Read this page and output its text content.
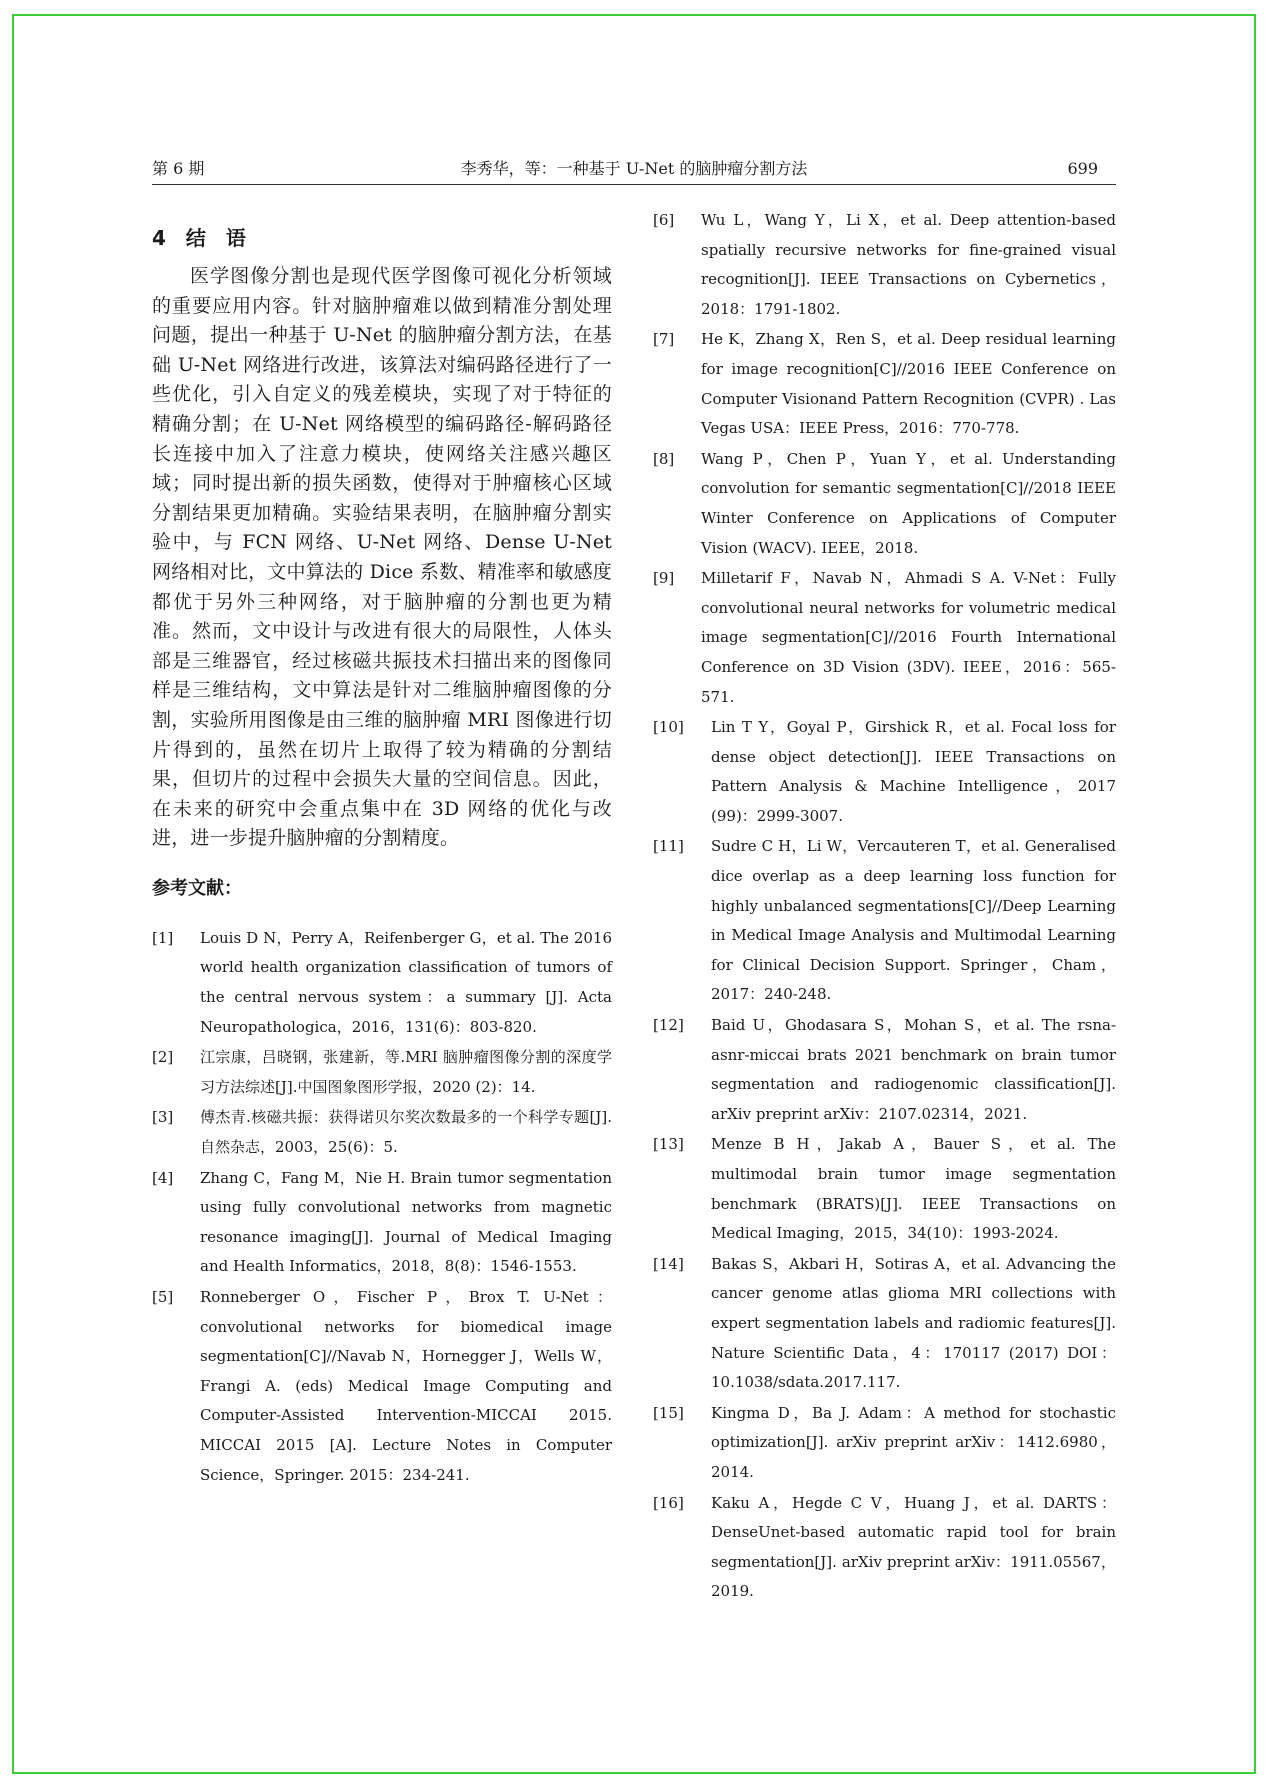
第 6 期	李秀华，等：一种基于 U-Net 的脑肿瘤分割方法	699
4　结　语

医学图像分割也是现代医学图像可视化分析领域的重要应用内容。针对脑肿瘤难以做到精准分割处理问题，提出一种基于 U-Net 的脑肿瘤分割方法，在基础 U-Net 网络进行改进，该算法对编码路径进行了一些优化，引入自定义的残差模块，实现了对于特征的精确分割；在 U-Net 网络模型的编码路径-解码路径长连接中加入了注意力模块，使网络关注感兴趣区域；同时提出新的损失函数，使得对于肿瘤核心区域分割结果更加精确。实验结果表明，在脑肿瘤分割实验中，与 FCN 网络、U-Net 网络、Dense U-Net 网络相对比，文中算法的 Dice 系数、精准率和敏感度都优于另外三种网络，对于脑肿瘤的分割也更为精准。然而，文中设计与改进有很大的局限性，人体头部是三维器官，经过核磁共振技术扫描出来的图像同样是三维结构，文中算法是针对二维脑肿瘤图像的分割，实验所用图像是由三维的脑肿瘤 MRI 图像进行切片得到的，虽然在切片上取得了较为精确的分割结果，但切片的过程中会损失大量的空间信息。因此，在未来的研究中会重点集中在 3D 网络的优化与改进，进一步提升脑肿瘤的分割精度。

参考文献：
[1] Louis D N，Perry A，Reifenberger G，et al. The 2016 world health organization classification of tumors of the central nervous system：a summary [J]. Acta Neuropathologica，2016，131(6)：803-820.
[2] 江宗康，吕晓钢，张建新，等.MRI 脑肿瘤图像分割的深度学习方法综述[J].中国图象图形学报，2020 (2)：14.
[3] 傅杰青.核磁共振：获得诺贝尔奖次数最多的一个科学专题[J].自然杂志，2003，25(6)：5.
[4] Zhang C，Fang M，Nie H. Brain tumor segmentation using fully convolutional networks from magnetic resonance imaging[J]. Journal of Medical Imaging and Health Informatics，2018，8(8)：1546-1553.
[5] Ronneberger O，Fischer P，Brox T. U-Net：convolutional networks for biomedical image segmentation[C]//Navab N，Hornegger J，Wells W，Frangi A. (eds) Medical Image Computing and Computer-Assisted Intervention-MICCAI 2015. MICCAI 2015 [A]. Lecture Notes in Computer Science，Springer. 2015：234-241.
[6] Wu L，Wang Y，Li X，et al. Deep attention-based spatially recursive networks for fine-grained visual recognition[J]. IEEE Transactions on Cybernetics，2018：1791-1802.
[7] He K，Zhang X，Ren S，et al. Deep residual learning for image recognition[C]//2016 IEEE Conference on Computer Visionand Pattern Recognition (CVPR) . Las Vegas USA：IEEE Press，2016：770-778.
[8] Wang P，Chen P，Yuan Y，et al. Understanding convolution for semantic segmentation[C]//2018 IEEE Winter Conference on Applications of Computer Vision (WACV). IEEE，2018.
[9] Milletarif F，Navab N，Ahmadi S A. V-Net：Fully convolutional neural networks for volumetric medical image segmentation[C]//2016 Fourth International Conference on 3D Vision (3DV). IEEE，2016：565-571.
[10] Lin T Y，Goyal P，Girshick R，et al. Focal loss for dense object detection[J]. IEEE Transactions on Pattern Analysis & Machine Intelligence，2017 (99)：2999-3007.
[11] Sudre C H，Li W，Vercauteren T，et al. Generalised dice overlap as a deep learning loss function for highly unbalanced segmentations[C]//Deep Learning in Medical Image Analysis and Multimodal Learning for Clinical Decision Support. Springer，Cham，2017：240-248.
[12] Baid U，Ghodasara S，Mohan S，et al. The rsna-asnr-miccai brats 2021 benchmark on brain tumor segmentation and radiogenomic classification[J]. arXiv preprint arXiv：2107.02314，2021.
[13] Menze B H，Jakab A，Bauer S，et al. The multimodal brain tumor image segmentation benchmark (BRATS)[J]. IEEE Transactions on Medical Imaging，2015，34(10)：1993-2024.
[14] Bakas S，Akbari H，Sotiras A，et al. Advancing the cancer genome atlas glioma MRI collections with expert segmentation labels and radiomic features[J]. Nature Scientific Data，4：170117 (2017) DOI：10.1038/sdata.2017.117.
[15] Kingma D，Ba J. Adam：A method for stochastic optimization[J]. arXiv preprint arXiv：1412.6980，2014.
[16] Kaku A，Hegde C V，Huang J，et al. DARTS：DenseUnet-based automatic rapid tool for brain segmentation[J]. arXiv preprint arXiv：1911.05567，2019.
